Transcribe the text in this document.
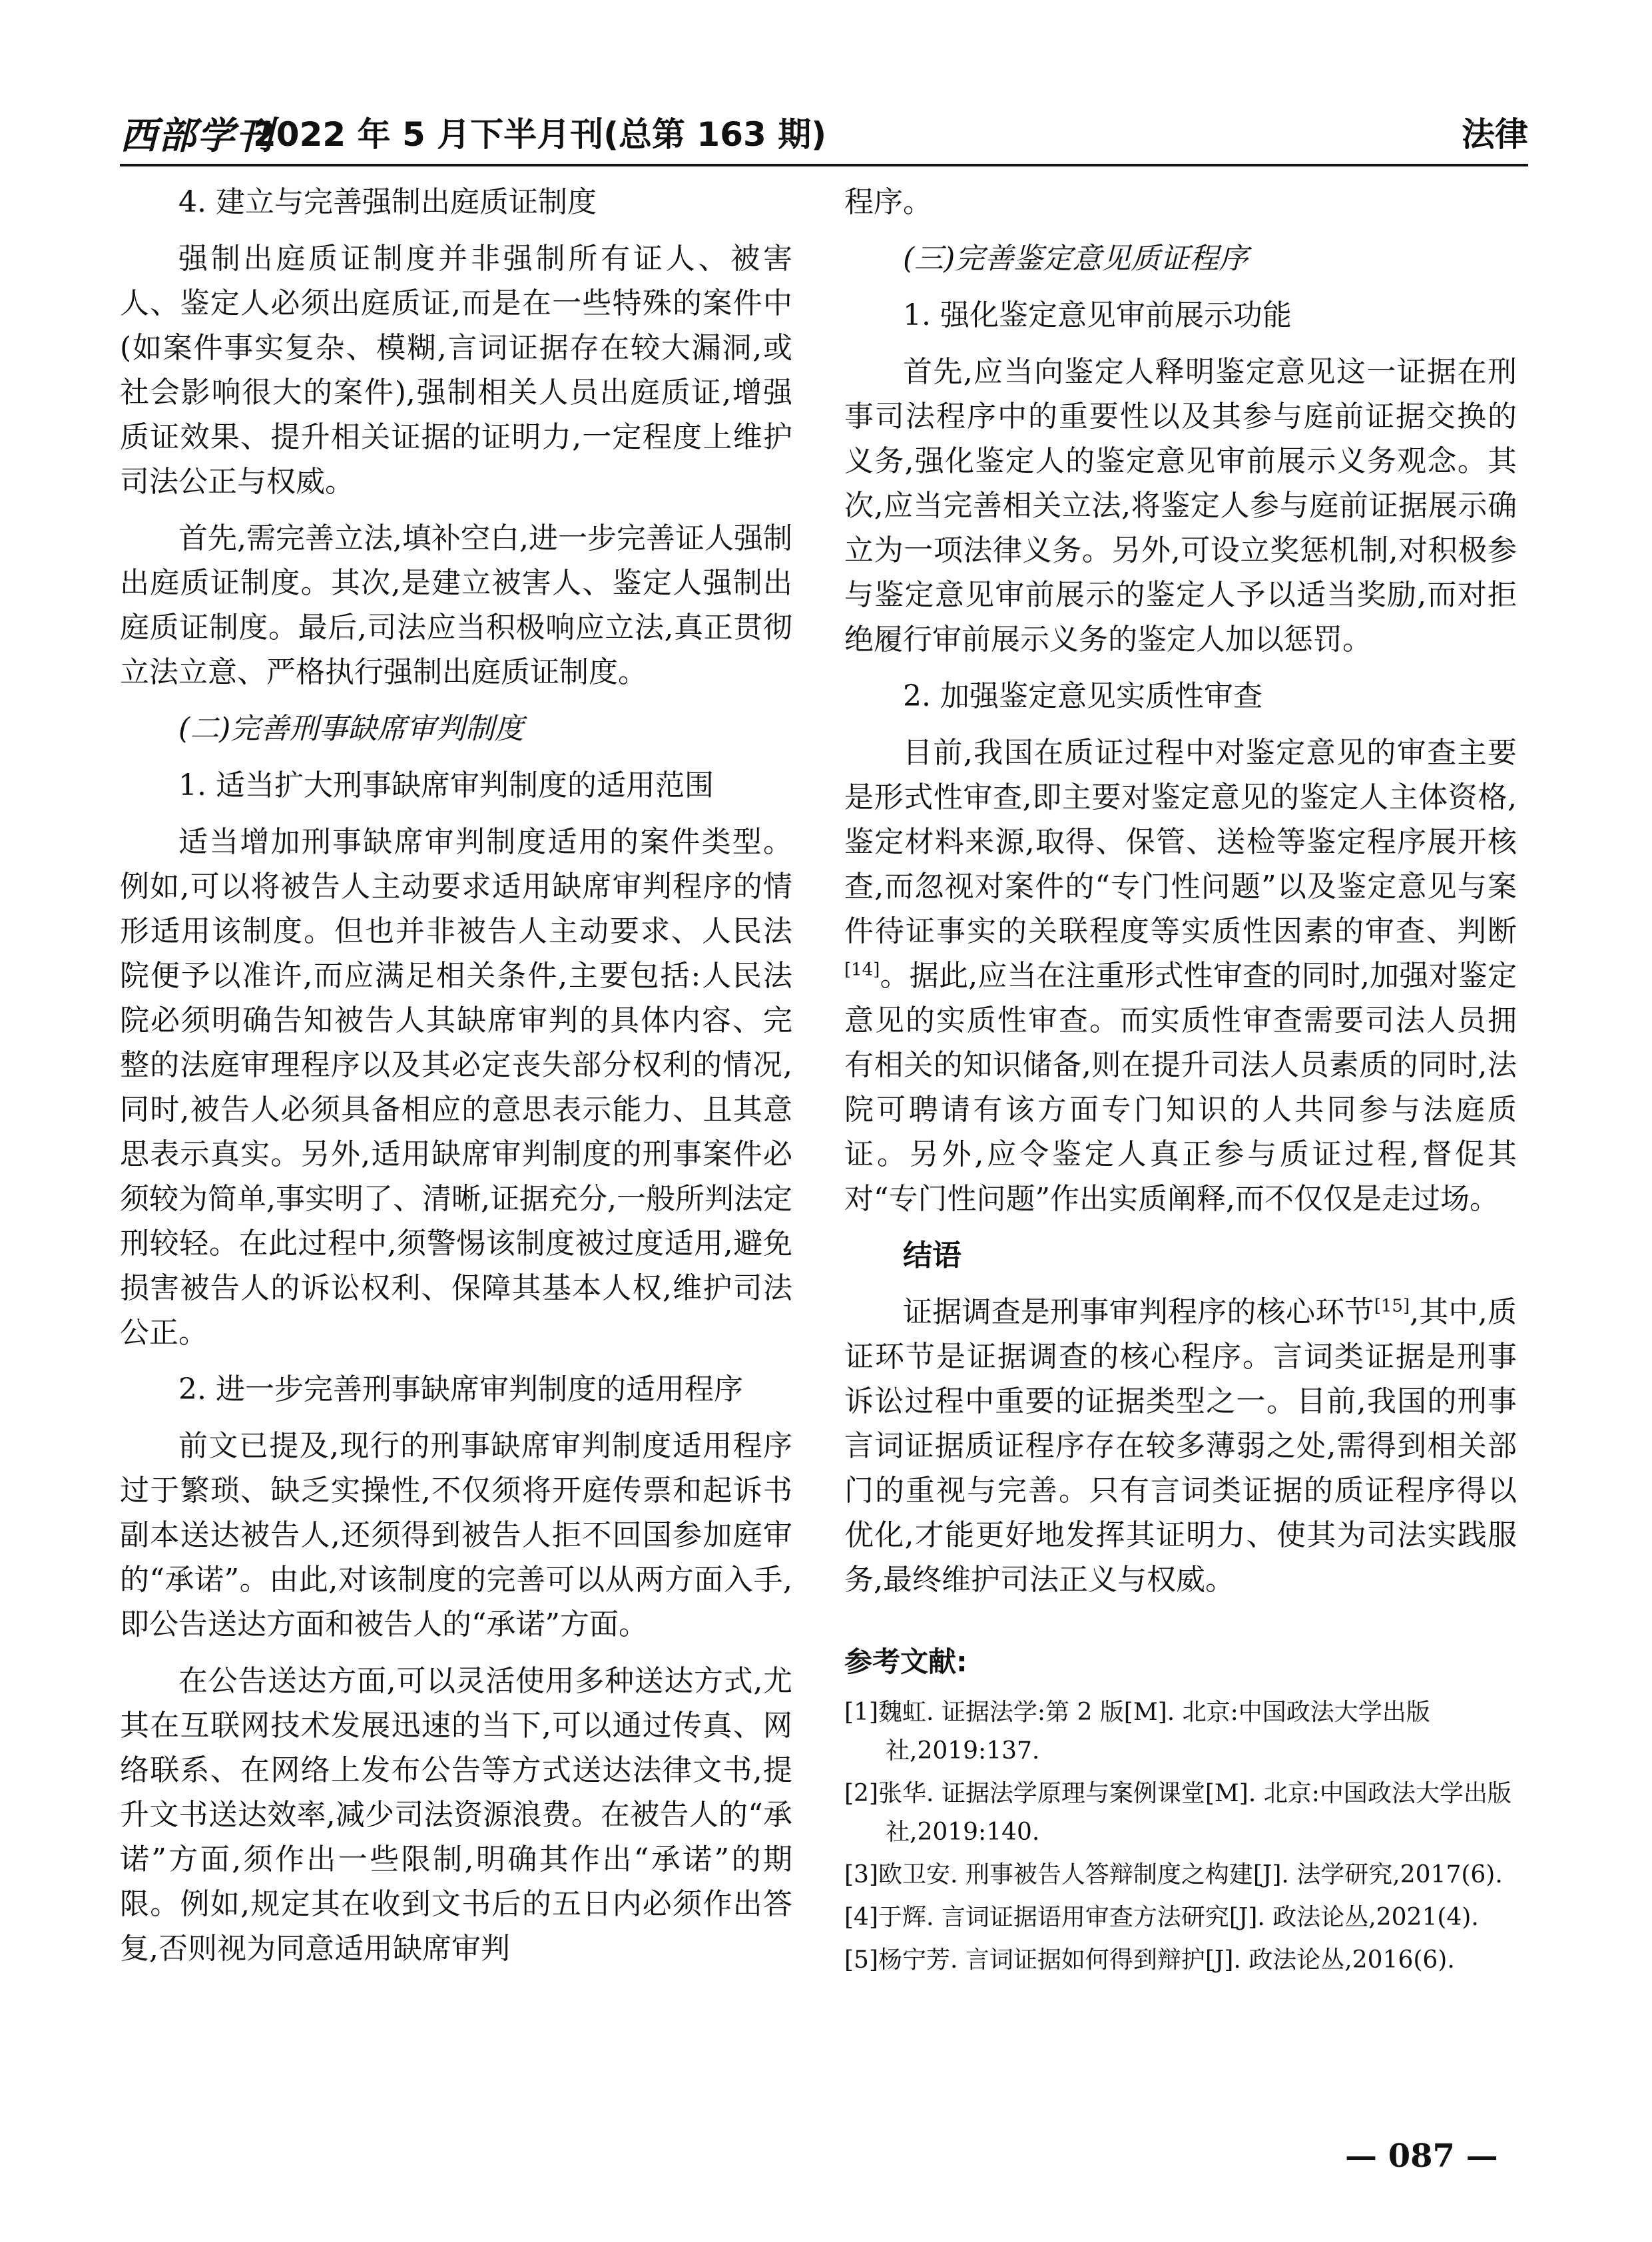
西部学刊
2022 年 5 月下半月刊(总第 163 期)	法律
4. 建立与完善强制出庭质证制度
强制出庭质证制度并非强制所有证人、被害人、鉴定人必须出庭质证,而是在一些特殊的案件中(如案件事实复杂、模糊,言词证据存在较大漏洞,或社会影响很大的案件),强制相关人员出庭质证,增强质证效果、提升相关证据的证明力,一定程度上维护司法公正与权威。
首先,需完善立法,填补空白,进一步完善证人强制出庭质证制度。其次,是建立被害人、鉴定人强制出庭质证制度。最后,司法应当积极响应立法,真正贯彻立法立意、严格执行强制出庭质证制度。
(二)完善刑事缺席审判制度
1. 适当扩大刑事缺席审判制度的适用范围
适当增加刑事缺席审判制度适用的案件类型。例如,可以将被告人主动要求适用缺席审判程序的情形适用该制度。但也并非被告人主动要求、人民法院便予以准许,而应满足相关条件,主要包括:人民法院必须明确告知被告人其缺席审判的具体内容、完整的法庭审理程序以及其必定丧失部分权利的情况,同时,被告人必须具备相应的意思表示能力、且其意思表示真实。另外,适用缺席审判制度的刑事案件必须较为简单,事实明了、清晰,证据充分,一般所判法定刑较轻。在此过程中,须警惕该制度被过度适用,避免损害被告人的诉讼权利、保障其基本人权,维护司法公正。
2. 进一步完善刑事缺席审判制度的适用程序
前文已提及,现行的刑事缺席审判制度适用程序过于繁琐、缺乏实操性,不仅须将开庭传票和起诉书副本送达被告人,还须得到被告人拒不回国参加庭审的“承诺”。由此,对该制度的完善可以从两方面入手,即公告送达方面和被告人的“承诺”方面。
在公告送达方面,可以灵活使用多种送达方式,尤其在互联网技术发展迅速的当下,可以通过传真、网络联系、在网络上发布公告等方式送达法律文书,提升文书送达效率,减少司法资源浪费。在被告人的“承诺”方面,须作出一些限制,明确其作出“承诺”的期限。例如,规定其在收到文书后的五日内必须作出答复,否则视为同意适用缺席审判
程序。
(三)完善鉴定意见质证程序
1. 强化鉴定意见审前展示功能
首先,应当向鉴定人释明鉴定意见这一证据在刑事司法程序中的重要性以及其参与庭前证据交换的义务,强化鉴定人的鉴定意见审前展示义务观念。其次,应当完善相关立法,将鉴定人参与庭前证据展示确立为一项法律义务。另外,可设立奖惩机制,对积极参与鉴定意见审前展示的鉴定人予以适当奖励,而对拒绝履行审前展示义务的鉴定人加以惩罚。
2. 加强鉴定意见实质性审查
目前,我国在质证过程中对鉴定意见的审查主要是形式性审查,即主要对鉴定意见的鉴定人主体资格,鉴定材料来源,取得、保管、送检等鉴定程序展开核查,而忽视对案件的“专门性问题”以及鉴定意见与案件待证事实的关联程度等实质性因素的审查、判断[14]。据此,应当在注重形式性审查的同时,加强对鉴定意见的实质性审查。而实质性审查需要司法人员拥有相关的知识储备,则在提升司法人员素质的同时,法院可聘请有该方面专门知识的人共同参与法庭质证。另外,应令鉴定人真正参与质证过程,督促其对“专门性问题”作出实质阐释,而不仅仅是走过场。
结语
证据调查是刑事审判程序的核心环节[15],其中,质证环节是证据调查的核心程序。言词类证据是刑事诉讼过程中重要的证据类型之一。目前,我国的刑事言词证据质证程序存在较多薄弱之处,需得到相关部门的重视与完善。只有言词类证据的质证程序得以优化,才能更好地发挥其证明力、使其为司法实践服务,最终维护司法正义与权威。
参考文献:
[1]魏虹. 证据法学:第 2 版[M]. 北京:中国政法大学出版社,2019:137.
[2]张华. 证据法学原理与案例课堂[M]. 北京:中国政法大学出版社,2019:140.
[3]欧卫安. 刑事被告人答辩制度之构建[J]. 法学研究,2017(6).
[4]于辉. 言词证据语用审查方法研究[J]. 政法论丛,2021(4).
[5]杨宁芳. 言词证据如何得到辩护[J]. 政法论丛,2016(6).
— 087 —
